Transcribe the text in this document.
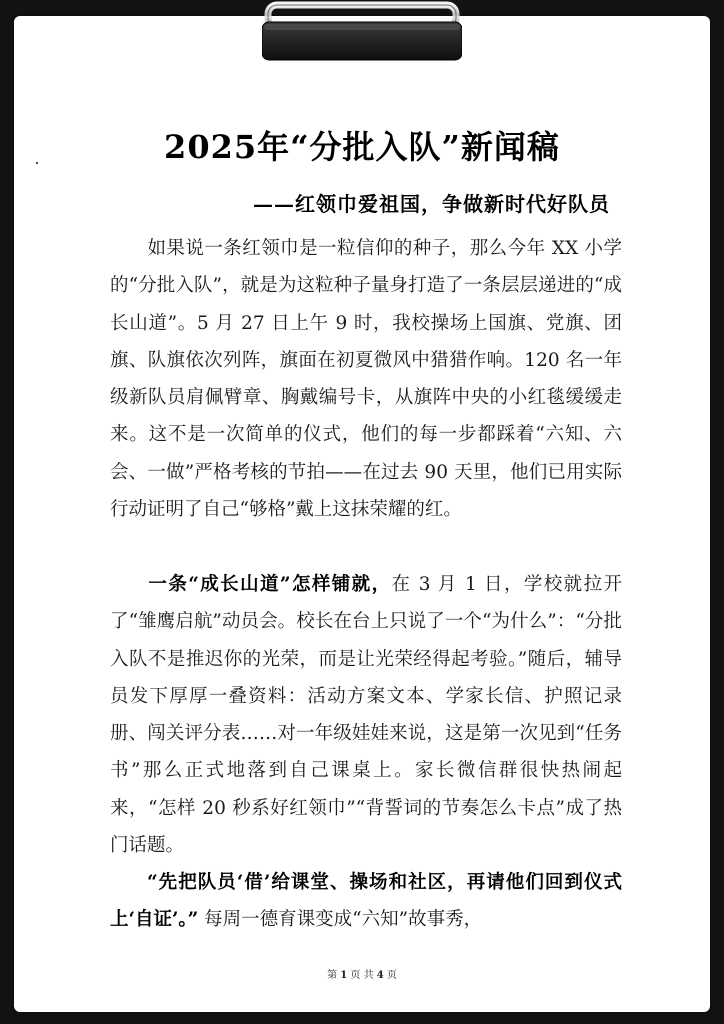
2025年“分批入队”新闻稿
——红领巾爱祖国，争做新时代好队员

如果说一条红领巾是一粒信仰的种子，那么今年 XX 小学的“分批入队”，就是为这粒种子量身打造了一条层层递进的“成长山道”。5 月 27 日上午 9 时，我校操场上国旗、党旗、团旗、队旗依次列阵，旗面在初夏微风中猎猎作响。120 名一年级新队员肩佩臂章、胸戴编号卡，从旗阵中央的小红毯缓缓走来。这不是一次简单的仪式，他们的每一步都踩着“六知、六会、一做”严格考核的节拍——在过去 90 天里，他们已用实际行动证明了自己“够格”戴上这抹荣耀的红。

一条“成长山道”怎样铺就，在 3 月 1 日，学校就拉开了“雏鹰启航”动员会。校长在台上只说了一个“为什么”：“分批入队不是推迟你的光荣，而是让光荣经得起考验。”随后，辅导员发下厚厚一叠资料：活动方案文本、学家长信、护照记录册、闯关评分表……对一年级娃娃来说，这是第一次见到“任务书”那么正式地落到自己课桌上。家长微信群很快热闹起来，“怎样 20 秒系好红领巾”“背誓词的节奏怎么卡点”成了热门话题。

“先把队员‘借’给课堂、操场和社区，再请他们回到仪式上‘自证’。” 每周一德育课变成“六知”故事秀，

第 1 页 共 4 页
